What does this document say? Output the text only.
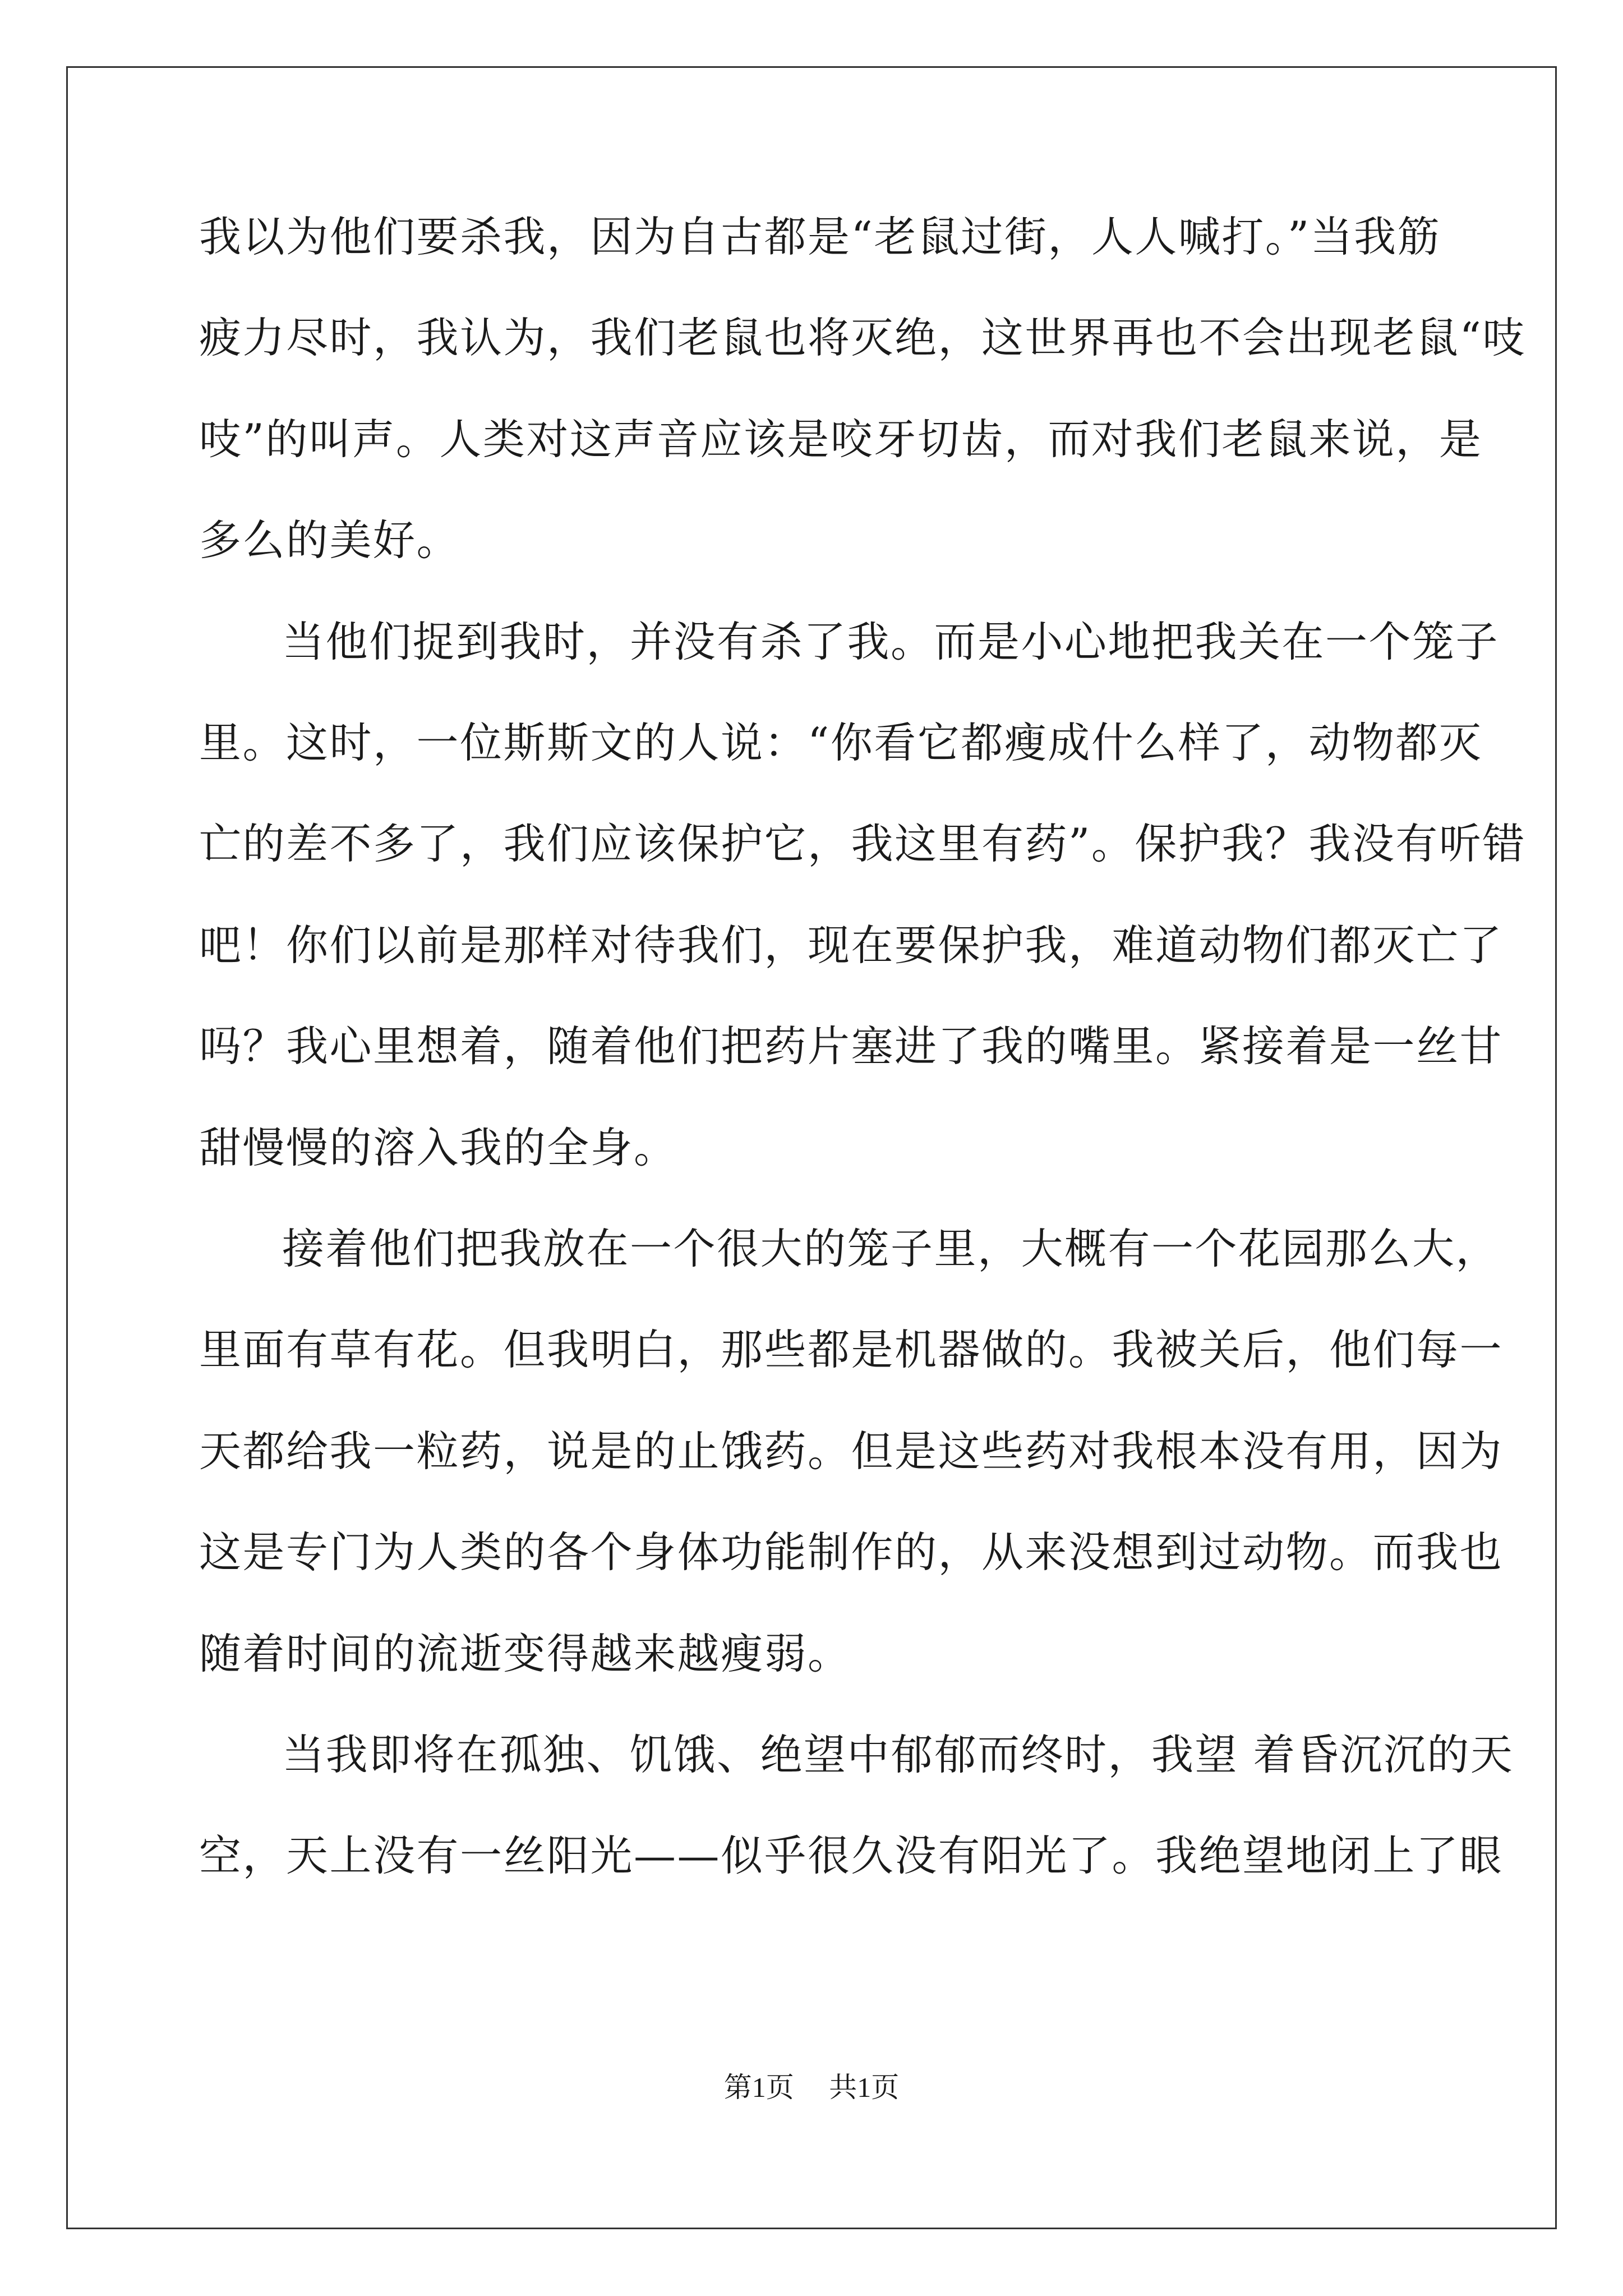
我以为他们要杀我，因为自古都是“老鼠过街，人人喊打。”当我筋
疲力尽时，我认为，我们老鼠也将灭绝，这世界再也不会出现老鼠“吱
吱”的叫声。人类对这声音应该是咬牙切齿，而对我们老鼠来说，是
多么的美好。
当他们捉到我时，并没有杀了我。而是小心地把我关在一个笼子
里。这时，一位斯斯文的人说：“你看它都瘦成什么样了，动物都灭
亡的差不多了，我们应该保护它，我这里有药”。保护我？我没有听错
吧！你们以前是那样对待我们，现在要保护我，难道动物们都灭亡了
吗？我心里想着，随着他们把药片塞进了我的嘴里。紧接着是一丝甘
甜慢慢的溶入我的全身。
接着他们把我放在一个很大的笼子里，大概有一个花园那么大，
里面有草有花。但我明白，那些都是机器做的。我被关后，他们每一
天都给我一粒药，说是的止饿药。但是这些药对我根本没有用，因为
这是专门为人类的各个身体功能制作的，从来没想到过动物。而我也
随着时间的流逝变得越来越瘦弱。
当我即将在孤独、饥饿、绝望中郁郁而终时，我望 着昏沉沉的天
空，天上没有一丝阳光——似乎很久没有阳光了。我绝望地闭上了眼
第1页 共1页
